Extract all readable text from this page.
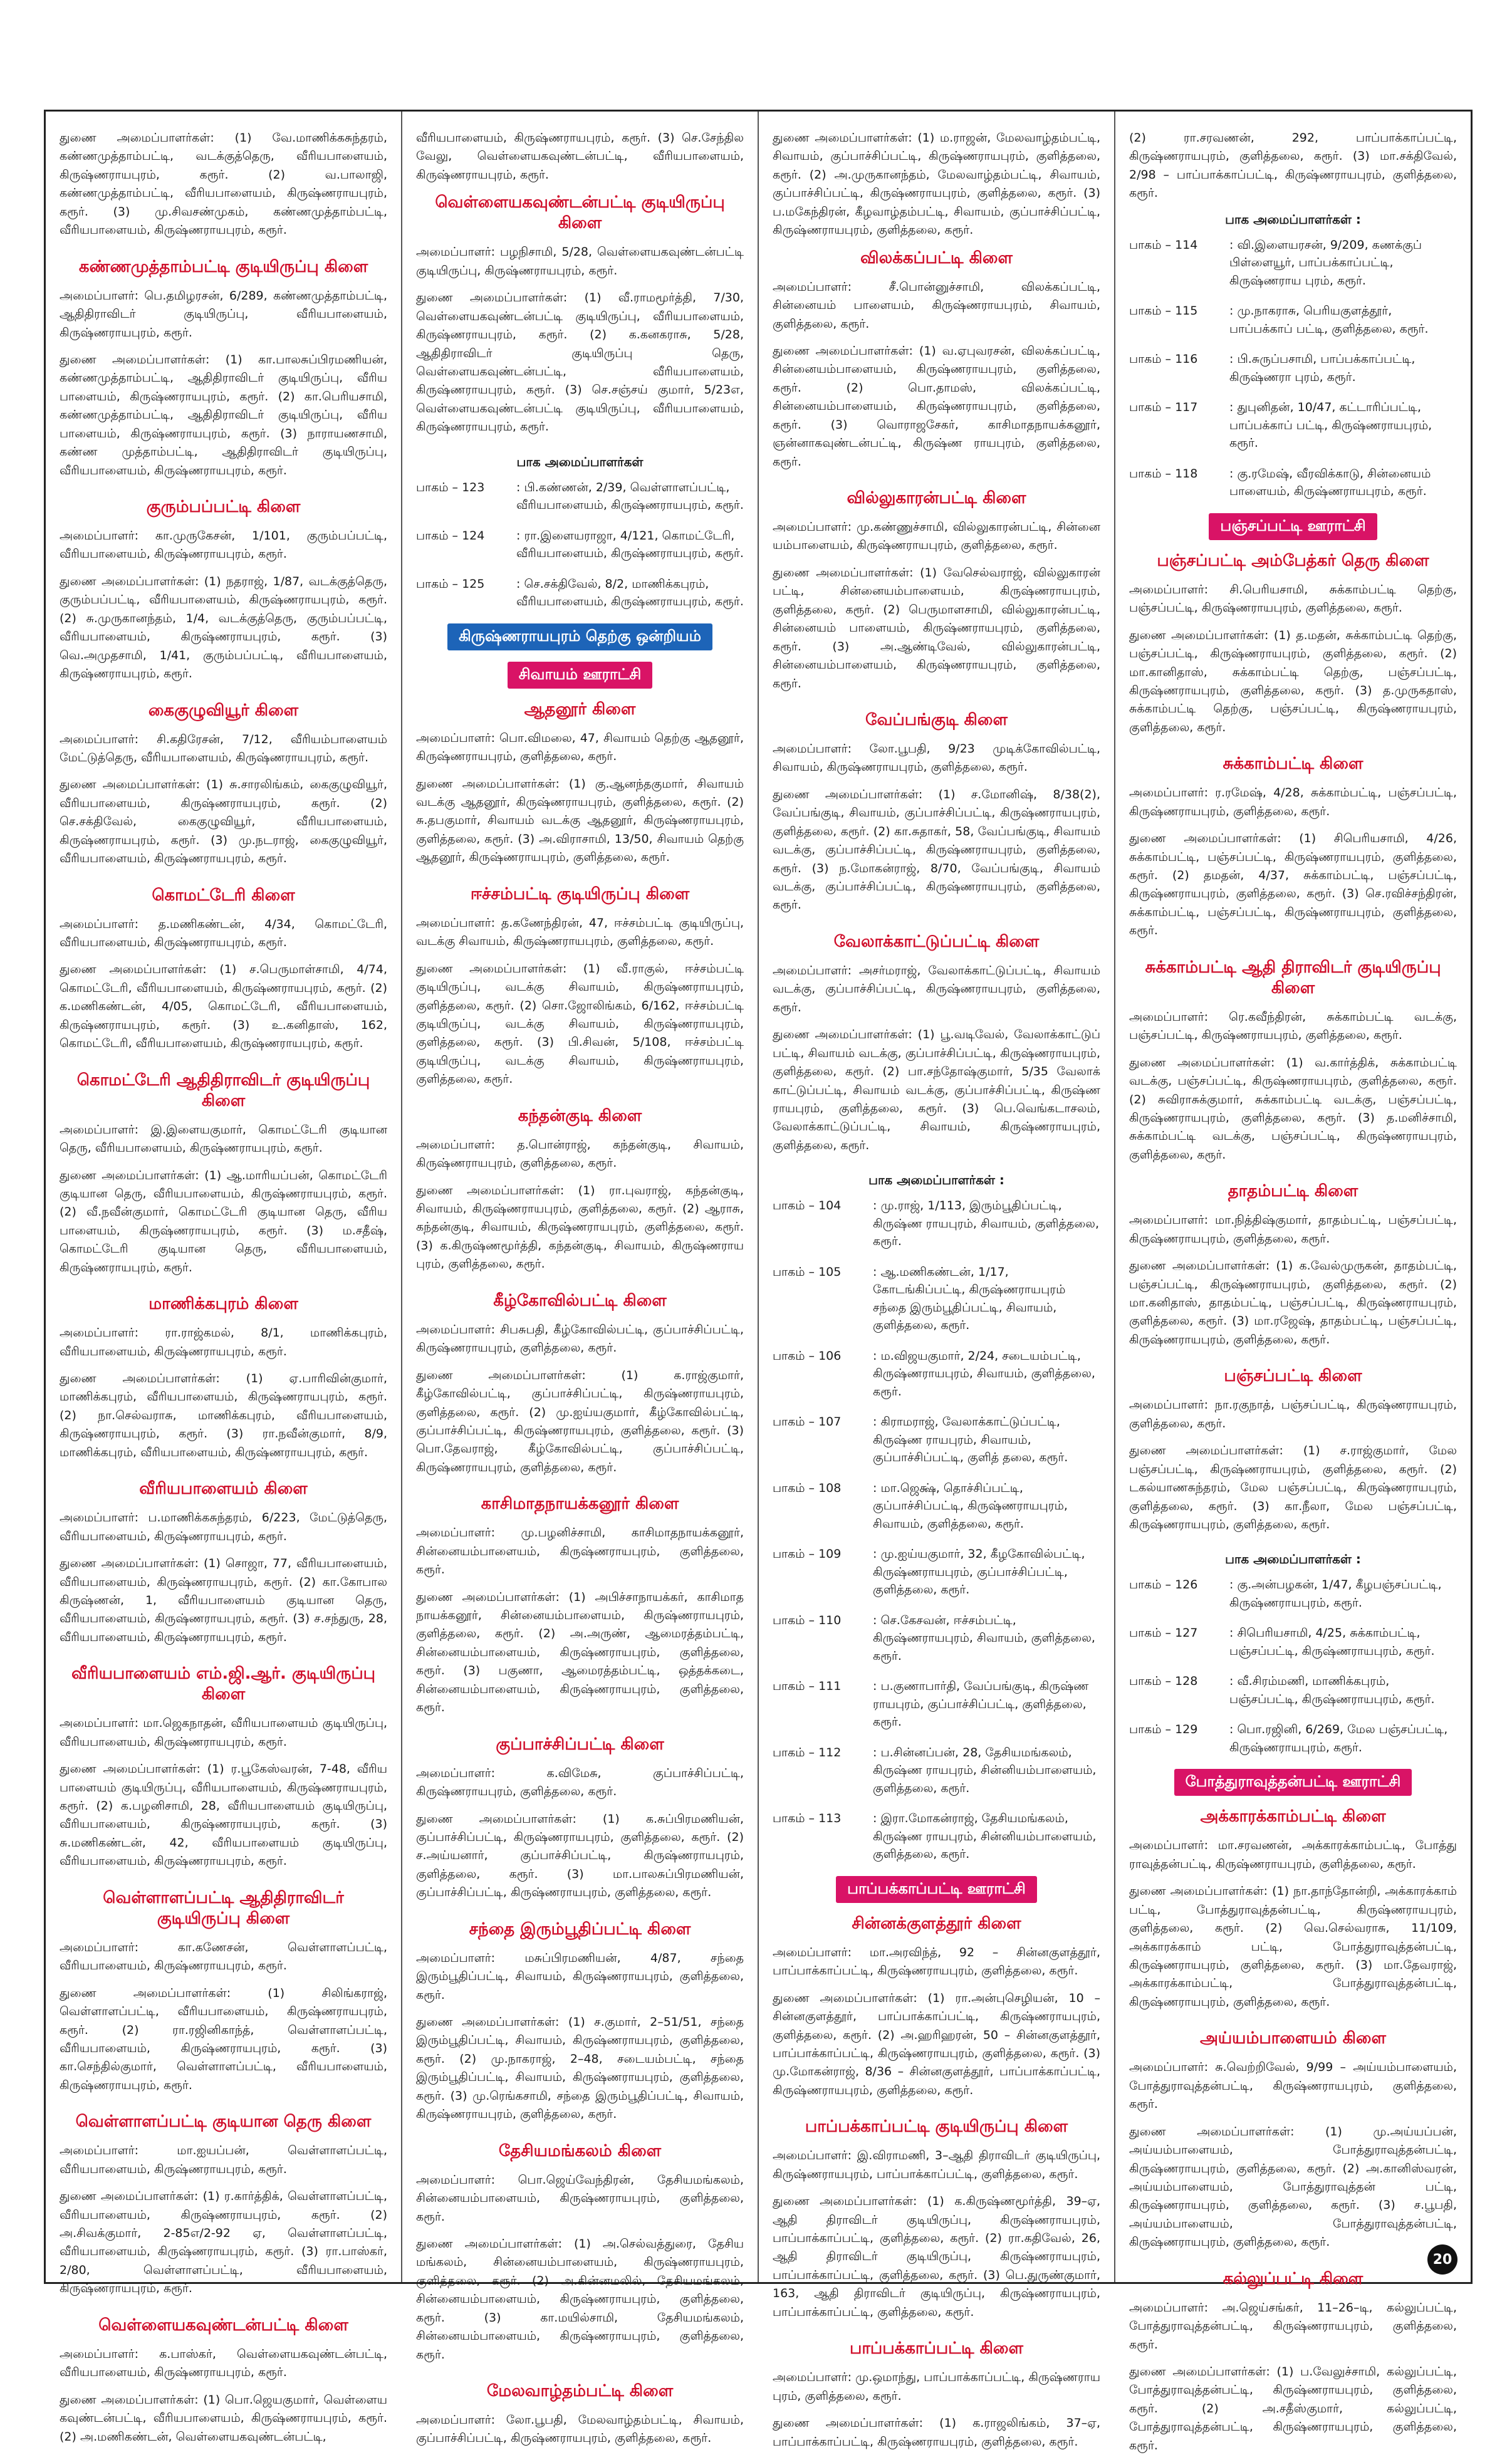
துணை அமைப்பாளர்கள்: (1) வே.மாணிக்கசுந்தரம், கண்ணமுத்தாம்பட்டி, வடக்குத்தெரு, வீரியபாளையம், கிருஷ்ணராயபுரம், கரூர். (2) வ.பாலாஜி, கண்ணமுத்தாம்பட்டி, வீரியபாளையம், கிருஷ்ணராயபுரம், கரூர். (3) மு.சிவசண்முகம், கண்ணமுத்தாம்பட்டி, வீரியபாளையம், கிருஷ்ணராயபுரம், கரூர்.

கண்ணமுத்தாம்பட்டி குடியிருப்பு கிளை

அமைப்பாளர்: பெ.தமிழரசன், 6/289, கண்ணமுத்தாம்பட்டி, ஆதிதிராவிடர் குடியிருப்பு, வீரியபாளையம், கிருஷ்ணராயபுரம், கரூர்.

துணை அமைப்பாளர்கள்: (1) கா.பாலசுப்பிரமணியன், கண்ணமுத்தாம்பட்டி, ஆதிதிராவிடர் குடியிருப்பு, வீரிய பாளையம், கிருஷ்ணராயபுரம், கரூர். (2) கா.பெரியசாமி, கண்ணமுத்தாம்பட்டி, ஆதிதிராவிடர் குடியிருப்பு, வீரிய பாளையம், கிருஷ்ணராயபுரம், கரூர். (3) நாராயணசாமி, கண்ண முத்தாம்பட்டி, ஆதிதிராவிடர் குடியிருப்பு, வீரியபாளையம், கிருஷ்ணராயபுரம், கரூர்.

குரும்பப்பட்டி கிளை

அமைப்பாளர்: கா.முருகேசன், 1/101, குரும்பப்பட்டி, வீரியபாளையம், கிருஷ்ணராயபுரம், கரூர்.

துணை அமைப்பாளர்கள்: (1) நதராஜ், 1/87, வடக்குத்தெரு, குரும்பப்பட்டி, வீரியபாளையம், கிருஷ்ணராயபுரம், கரூர். (2) சு.முருகானந்தம், 1/4, வடக்குத்தெரு, குரும்பப்பட்டி, வீரியபாளையம், கிருஷ்ணராயபுரம், கரூர். (3) வெ.அமுதசாமி, 1/41, குரும்பப்பட்டி, வீரியபாளையம், கிருஷ்ணராயபுரம், கரூர்.

கைகுழுவியூர் கிளை

அமைப்பாளர்: சி.கதிரேசன், 7/12, வீரியம்பாளையம் மேட்டுத்தெரு, வீரியபாளையம், கிருஷ்ணராயபுரம், கரூர்.

துணை அமைப்பாளர்கள்: (1) சு.சாரலிங்கம், கைகுழுவியூர், வீரியபாளையம், கிருஷ்ணராயபுரம், கரூர். (2) செ.சக்திவேல், கைகுழுவியூர், வீரியபாளையம், கிருஷ்ணராயபுரம், கரூர். (3) மு.நடராஜ், கைகுழுவியூர், வீரியபாளையம், கிருஷ்ணராயபுரம், கரூர்.

கொமட்டேரி கிளை

அமைப்பாளர்: த.மணிகண்டன், 4/34, கொமட்டேரி, வீரியபாளையம், கிருஷ்ணராயபுரம், கரூர்.

துணை அமைப்பாளர்கள்: (1) ச.பெருமாள்சாமி, 4/74, கொமட்டேரி, வீரியபாளையம், கிருஷ்ணராயபுரம், கரூர். (2) க.மணிகண்டன், 4/05, கொமட்டேரி, வீரியபாளையம், கிருஷ்ணராயபுரம், கரூர். (3) உ.கனிதாஸ், 162, கொமட்டேரி, வீரியபாளையம், கிருஷ்ணராயபுரம், கரூர்.

கொமட்டேரி ஆதிதிராவிடர் குடியிருப்பு கிளை

அமைப்பாளர்: இ.இளையகுமார், கொமட்டேரி குடியான தெரு, வீரியபாளையம், கிருஷ்ணராயபுரம், கரூர்.

துணை அமைப்பாளர்கள்: (1) ஆ.மாரியப்பன், கொமட்டேரி குடியான தெரு, வீரியபாளையம், கிருஷ்ணராயபுரம், கரூர். (2) வீ.நவீன்குமார், கொமட்டேரி குடியான தெரு, வீரிய பாளையம், கிருஷ்ணராயபுரம், கரூர். (3) ம.சதீஷ், கொமட்டேரி குடியான தெரு, வீரியபாளையம், கிருஷ்ணராயபுரம், கரூர்.

மாணிக்கபுரம் கிளை

அமைப்பாளர்: ரா.ராஜ்கமல், 8/1, மாணிக்கபுரம், வீரியபாளையம், கிருஷ்ணராயபுரம், கரூர்.

துணை அமைப்பாளர்கள்: (1) ஏ.பாரிவின்குமார், மாணிக்கபுரம், வீரியபாளையம், கிருஷ்ணராயபுரம், கரூர். (2) நா.செல்வராசு, மாணிக்கபுரம், வீரியபாளையம், கிருஷ்ணராயபுரம், கரூர். (3) ரா.நவீன்குமார், 8/9, மாணிக்கபுரம், வீரியபாளையம், கிருஷ்ணராயபுரம், கரூர்.

வீரியபாளையம் கிளை

அமைப்பாளர்: ப.மாணிக்கசுந்தரம், 6/223, மேட்டுத்தெரு, வீரியபாளையம், கிருஷ்ணராயபுரம், கரூர்.

துணை அமைப்பாளர்கள்: (1) சொஜா, 77, வீரியபாளையம், வீரியபாளையம், கிருஷ்ணராயபுரம், கரூர். (2) கா.கோபால கிருஷ்ணன், 1, வீரியபாளையம் குடியான தெரு, வீரியபாளையம், கிருஷ்ணராயபுரம், கரூர். (3) ச.சந்துரு, 28, வீரியபாளையம், கிருஷ்ணராயபுரம், கரூர்.

வீரியபாளையம் எம்.ஜி.ஆர். குடியிருப்பு கிளை

அமைப்பாளர்: மா.ஜெகநாதன், வீரியபாளையம் குடியிருப்பு, வீரியபாளையம், கிருஷ்ணராயபுரம், கரூர்.

துணை அமைப்பாளர்கள்: (1) ர.பூகேஸ்வரன், 7-48, வீரிய பாளையம் குடியிருப்பு, வீரியபாளையம், கிருஷ்ணராயபுரம், கரூர். (2) க.பழனிசாமி, 28, வீரியபாளையம் குடியிருப்பு, வீரியபாளையம், கிருஷ்ணராயபுரம், கரூர். (3) சு.மணிகண்டன், 42, வீரியபாளையம் குடியிருப்பு, வீரியபாளையம், கிருஷ்ணராயபுரம், கரூர்.

வெள்ளாளப்பட்டி ஆதிதிராவிடர் குடியிருப்பு கிளை

அமைப்பாளர்: கா.கணேசன், வெள்ளாளப்பட்டி, வீரியபாளையம், கிருஷ்ணராயபுரம், கரூர்.

துணை அமைப்பாளர்கள்: (1) சிலிங்கராஜ், வெள்ளாளப்பட்டி, வீரியபாளையம், கிருஷ்ணராயபுரம், கரூர். (2) ரா.ரஜினிகாந்த், வெள்ளாளப்பட்டி, வீரியபாளையம், கிருஷ்ணராயபுரம், கரூர். (3) கா.செந்தில்குமார், வெள்ளாளப்பட்டி, வீரியபாளையம், கிருஷ்ணராயபுரம், கரூர்.

வெள்ளாளப்பட்டி குடியான தெரு கிளை

அமைப்பாளர்: மா.ஐயப்பன், வெள்ளாளப்பட்டி, வீரியபாளையம், கிருஷ்ணராயபுரம், கரூர்.

துணை அமைப்பாளர்கள்: (1) ர.கார்த்திக், வெள்ளாளப்பட்டி, வீரியபாளையம், கிருஷ்ணராயபுரம், கரூர். (2) அ.சிவக்குமார், 2-85எ/2-92 ஏ, வெள்ளாளப்பட்டி, வீரியபாளையம், கிருஷ்ணராயபுரம், கரூர். (3) ரா.பாஸ்கர், 2/80, வெள்ளாளப்பட்டி, வீரியபாளையம், கிருஷ்ணராயபுரம், கரூர்.

வெள்ளையகவுண்டன்பட்டி கிளை

அமைப்பாளர்: க.பாஸ்கர், வெள்ளையகவுண்டன்பட்டி, வீரியபாளையம், கிருஷ்ணராயபுரம், கரூர்.

துணை அமைப்பாளர்கள்: (1) பொ.ஜெயகுமார், வெள்ளைய கவுண்டன்பட்டி, வீரியபாளையம், கிருஷ்ணராயபுரம், கரூர். (2) அ.மணிகண்டன், வெள்ளையகவுண்டன்பட்டி,

வீரியபாளையம், கிருஷ்ணராயபுரம், கரூர். (3) செ.சேந்தில வேலு, வெள்ளையகவுண்டன்பட்டி, வீரியபாளையம், கிருஷ்ணராயபுரம், கரூர்.

வெள்ளையகவுண்டன்பட்டி குடியிருப்பு கிளை

அமைப்பாளர்: பழநிசாமி, 5/28, வெள்ளையகவுண்டன்பட்டி குடியிருப்பு, கிருஷ்ணராயபுரம், கரூர்.

துணை அமைப்பாளர்கள்: (1) வீ.ராமமூர்த்தி, 7/30, வெள்ளையகவுண்டன்பட்டி குடியிருப்பு, வீரியபாளையம், கிருஷ்ணராயபுரம், கரூர். (2) க.கனகராசு, 5/28, ஆதிதிராவிடர் குடியிருப்பு தெரு, வெள்ளையகவுண்டன்பட்டி, வீரியபாளையம், கிருஷ்ணராயபுரம், கரூர். (3) செ.சஞ்சய் குமார், 5/23எ, வெள்ளையகவுண்டன்பட்டி குடியிருப்பு, வீரியபாளையம், கிருஷ்ணராயபுரம், கரூர்.

பாக அமைப்பாளர்கள்
பாகம் – 123	: பி.கண்ணன், 2/39, வெள்ளாளப்பட்டி, வீரியபாளையம், கிருஷ்ணராயபுரம், கரூர்.
பாகம் – 124	: ரா.இளையராஜா, 4/121, கொமட்டேரி, வீரியபாளையம், கிருஷ்ணராயபுரம், கரூர்.
பாகம் – 125	: செ.சக்திவேல், 8/2, மாணிக்கபுரம், வீரியபாளையம், கிருஷ்ணராயபுரம், கரூர்.
கிருஷ்ணராயபுரம் தெற்கு ஒன்றியம்
சிவாயம் ஊராட்சி
ஆதனூர் கிளை

அமைப்பாளர்: பொ.விமலை, 47, சிவாயம் தெற்கு ஆதனூர், கிருஷ்ணராயபுரம், குளித்தலை, கரூர்.

துணை அமைப்பாளர்கள்: (1) கு.ஆனந்தகுமார், சிவாயம் வடக்கு ஆதனூர், கிருஷ்ணராயபுரம், குளித்தலை, கரூர். (2) சு.தபகுமார், சிவாயம் வடக்கு ஆதனூர், கிருஷ்ணராயபுரம், குளித்தலை, கரூர். (3) அ.விராசாமி, 13/50, சிவாயம் தெற்கு ஆதனூர், கிருஷ்ணராயபுரம், குளித்தலை, கரூர்.

ஈச்சம்பட்டி குடியிருப்பு கிளை

அமைப்பாளர்: த.கணேந்திரன், 47, ஈச்சம்பட்டி குடியிருப்பு, வடக்கு சிவாயம், கிருஷ்ணராயபுரம், குளித்தலை, கரூர்.

துணை அமைப்பாளர்கள்: (1) வீ.ராகுல், ஈச்சம்பட்டி குடியிருப்பு, வடக்கு சிவாயம், கிருஷ்ணராயபுரம், குளித்தலை, கரூர். (2) சொ.ஜோலிங்கம், 6/162, ஈச்சம்பட்டி குடியிருப்பு, வடக்கு சிவாயம், கிருஷ்ணராயபுரம், குளித்தலை, கரூர். (3) பி.சிவன், 5/108, ஈச்சம்பட்டி குடியிருப்பு, வடக்கு சிவாயம், கிருஷ்ணராயபுரம், குளித்தலை, கரூர்.

கந்தன்குடி கிளை

அமைப்பாளர்: த.பொன்ராஜ், கந்தன்குடி, சிவாயம், கிருஷ்ணராயபுரம், குளித்தலை, கரூர்.

துணை அமைப்பாளர்கள்: (1) ரா.புவராஜ், கந்தன்குடி, சிவாயம், கிருஷ்ணராயபுரம், குளித்தலை, கரூர். (2) ஆராசு, கந்தன்குடி, சிவாயம், கிருஷ்ணராயபுரம், குளித்தலை, கரூர். (3) க.கிருஷ்ணமூர்த்தி, கந்தன்குடி, சிவாயம், கிருஷ்ணராய புரம், குளித்தலை, கரூர்.

கீழ்கோவில்பட்டி கிளை

அமைப்பாளர்: சிபசுபதி, கீழ்கோவில்பட்டி, குப்பாச்சிப்பட்டி, கிருஷ்ணராயபுரம், குளித்தலை, கரூர்.

துணை அமைப்பாளர்கள்: (1) க.ராஜ்குமார், கீழ்கோவில்பட்டி, குப்பாச்சிப்பட்டி, கிருஷ்ணராயபுரம், குளித்தலை, கரூர். (2) மு.ஐய்யகுமார், கீழ்கோவில்பட்டி, குப்பாச்சிப்பட்டி, கிருஷ்ணராயபுரம், குளித்தலை, கரூர். (3) பொ.தேவராஜ், கீழ்கோவில்பட்டி, குப்பாச்சிப்பட்டி, கிருஷ்ணராயபுரம், குளித்தலை, கரூர்.

காசிமாதநாயக்கனூர் கிளை

அமைப்பாளர்: மு.பழனிச்சாமி, காசிமாதநாயக்கனூர், சின்னையம்பாளையம், கிருஷ்ணராயபுரம், குளித்தலை, கரூர்.

துணை அமைப்பாளர்கள்: (1) அபிச்சாநாயக்கர், காசிமாத நாயக்கனூர், சின்னையம்பாளையம், கிருஷ்ணராயபுரம், குளித்தலை, கரூர். (2) அ.அருண், ஆமைரத்தம்பட்டி, சின்னையம்பாளையம், கிருஷ்ணராயபுரம், குளித்தலை, கரூர். (3) பகுணா, ஆமைரத்தம்பட்டி, ஒத்தக்கடை, சின்னையம்பாளையம், கிருஷ்ணராயபுரம், குளித்தலை, கரூர்.

குப்பாச்சிப்பட்டி கிளை

அமைப்பாளர்: க.விமேசு, குப்பாச்சிப்பட்டி, கிருஷ்ணராயபுரம், குளித்தலை, கரூர்.

துணை அமைப்பாளர்கள்: (1) க.சுப்பிரமணியன், குப்பாச்சிப்பட்டி, கிருஷ்ணராயபுரம், குளித்தலை, கரூர். (2) ச.அய்யனார், குப்பாச்சிப்பட்டி, கிருஷ்ணராயபுரம், குளித்தலை, கரூர். (3) மா.பாலசுப்பிரமணியன், குப்பாச்சிப்பட்டி, கிருஷ்ணராயபுரம், குளித்தலை, கரூர்.

சந்தை இரும்பூதிப்பட்டி கிளை

அமைப்பாளர்: மசுப்பிரமணியன், 4/87, சந்தை இரும்பூதிப்பட்டி, சிவாயம், கிருஷ்ணராயபுரம், குளித்தலை, கரூர்.

துணை அமைப்பாளர்கள்: (1) ச.குமார், 2–51/51, சந்தை இரும்பூதிப்பட்டி, சிவாயம், கிருஷ்ணராயபுரம், குளித்தலை, கரூர். (2) மு.நாகராஜ், 2–48, சடையம்பட்டி, சந்தை இரும்பூதிப்பட்டி, சிவாயம், கிருஷ்ணராயபுரம், குளித்தலை, கரூர். (3) மு.ரெங்கசாமி, சந்தை இரும்பூதிப்பட்டி, சிவாயம், கிருஷ்ணராயபுரம், குளித்தலை, கரூர்.

தேசியமங்கலம் கிளை

அமைப்பாளர்: பொ.ஜெய்வேந்திரன், தேசியமங்கலம், சின்னையம்பாளையம், கிருஷ்ணராயபுரம், குளித்தலை, கரூர்.

துணை அமைப்பாளர்கள்: (1) அ.செல்வத்துரை, தேசிய மங்கலம், சின்னையம்பாளையம், கிருஷ்ணராயபுரம், குளித்தலை, கரூர். (2) அ.கின்னமலில், தேசியமங்கலம், சின்னையம்பாளையம், கிருஷ்ணராயபுரம், குளித்தலை, கரூர். (3) கா.மயில்சாமி, தேசியமங்கலம், சின்னையம்பாளையம், கிருஷ்ணராயபுரம், குளித்தலை, கரூர்.

மேலவாழ்தம்பட்டி கிளை

அமைப்பாளர்: லோ.பூபதி, மேலவாழ்தம்பட்டி, சிவாயம், குப்பாச்சிப்பட்டி, கிருஷ்ணராயபுரம், குளித்தலை, கரூர்.

துணை அமைப்பாளர்கள்: (1) ம.ராஜன், மேலவாழ்தம்பட்டி, சிவாயம், குப்பாச்சிப்பட்டி, கிருஷ்ணராயபுரம், குளித்தலை, கரூர். (2) அ.முருகானந்தம், மேலவாழ்தம்பட்டி, சிவாயம், குப்பாச்சிப்பட்டி, கிருஷ்ணராயபுரம், குளித்தலை, கரூர். (3) ப.மகேந்திரன், கீழவாழ்தம்பட்டி, சிவாயம், குப்பாச்சிப்பட்டி, கிருஷ்ணராயபுரம், குளித்தலை, கரூர்.

விலக்கப்பட்டி கிளை

அமைப்பாளர்: சீ.பொன்னுச்சாமி, விலக்கப்பட்டி, சின்னையம் பாளையம், கிருஷ்ணராயபுரம், சிவாயம், குளித்தலை, கரூர்.

துணை அமைப்பாளர்கள்: (1) வ.ஏபுவரசன், விலக்கப்பட்டி, சின்னையம்பாளையம், கிருஷ்ணராயபுரம், குளித்தலை, கரூர். (2) பொ.தாமஸ், விலக்கப்பட்டி, சின்னையம்பாளையம், கிருஷ்ணராயபுரம், குளித்தலை, கரூர். (3) வொராஜசேகர், காசிமாதநாயக்கனூர், ஞன்னாகவுண்டன்பட்டி, கிருஷ்ண ராயபுரம், குளித்தலை, கரூர்.

வில்லுகாரன்பட்டி கிளை

அமைப்பாளர்: மு.கண்ணுச்சாமி, வில்லுகாரன்பட்டி, சின்னை யம்பாளையம், கிருஷ்ணராயபுரம், குளித்தலை, கரூர்.

துணை அமைப்பாளர்கள்: (1) வேசெல்வராஜ், வில்லுகாரன் பட்டி, சின்னையம்பாளையம், கிருஷ்ணராயபுரம், குளித்தலை, கரூர். (2) பெருமாளசாமி, வில்லுகாரன்பட்டி, சின்னையம் பாளையம், கிருஷ்ணராயபுரம், குளித்தலை, கரூர். (3) அ.ஆண்டிவேல், வில்லுகாரன்பட்டி, சின்னையம்பாளையம், கிருஷ்ணராயபுரம், குளித்தலை, கரூர்.

வேப்பங்குடி கிளை

அமைப்பாளர்: லோ.பூபதி, 9/23 முடிக்கோவில்பட்டி, சிவாயம், கிருஷ்ணராயபுரம், குளித்தலை, கரூர்.

துணை அமைப்பாளர்கள்: (1) ச.மோனிஷ், 8/38(2), வேப்பங்குடி, சிவாயம், குப்பாச்சிப்பட்டி, கிருஷ்ணராயபுரம், குளித்தலை, கரூர். (2) கா.சுதாகர், 58, வேப்பங்குடி, சிவாயம் வடக்கு, குப்பாச்சிப்பட்டி, கிருஷ்ணராயபுரம், குளித்தலை, கரூர். (3) ந.மோகன்ராஜ், 8/70, வேப்பங்குடி, சிவாயம் வடக்கு, குப்பாச்சிப்பட்டி, கிருஷ்ணராயபுரம், குளித்தலை, கரூர்.

வேலாக்காட்டுப்பட்டி கிளை

அமைப்பாளர்: அசர்மராஜ், வேலாக்காட்டுப்பட்டி, சிவாயம் வடக்கு, குப்பாச்சிப்பட்டி, கிருஷ்ணராயபுரம், குளித்தலை, கரூர்.

துணை அமைப்பாளர்கள்: (1) பூ.வடிவேல், வேலாக்காட்டுப் பட்டி, சிவாயம் வடக்கு, குப்பாச்சிப்பட்டி, கிருஷ்ணராயபுரம், குளித்தலை, கரூர். (2) பா.சந்தோஷ்குமார், 5/35 வேலாக் காட்டுப்பட்டி, சிவாயம் வடக்கு, குப்பாச்சிப்பட்டி, கிருஷ்ண ராயபுரம், குளித்தலை, கரூர். (3) பெ.வெங்கடாசலம், வேலாக்காட்டுப்பட்டி, சிவாயம், கிருஷ்ணராயபுரம், குளித்தலை, கரூர்.

பாக அமைப்பாளர்கள் :
பாகம் – 104	: மு.ராஜ், 1/113, இரும்பூதிப்பட்டி, கிருஷ்ண ராயபுரம், சிவாயம், குளித்தலை, கரூர்.
பாகம் – 105	: ஆ.மணிகண்டன், 1/17, கோடங்கிப்பட்டி, கிருஷ்ணராயபுரம் சந்தை இரும்பூதிப்பட்டி, சிவாயம், குளித்தலை, கரூர்.
பாகம் – 106	: ம.விஜயகுமார், 2/24, சடையம்பட்டி, கிருஷ்ணராயபுரம், சிவாயம், குளித்தலை, கரூர்.
பாகம் – 107	: கிராமராஜ், வேலாக்காட்டுப்பட்டி, கிருஷ்ண ராயபுரம், சிவாயம், குப்பாச்சிப்பட்டி, குளித் தலை, கரூர்.
பாகம் – 108	: மா.ஜெக்ஷ், தொச்சிப்பட்டி, குப்பாச்சிப்பட்டி, கிருஷ்ணராயபுரம், சிவாயம், குளித்தலை, கரூர்.
பாகம் – 109	: மு.ஐய்யகுமார், 32, கீழகோவில்பட்டி, கிருஷ்ணராயபுரம், குப்பாச்சிப்பட்டி, குளித்தலை, கரூர்.
பாகம் – 110	: செ.கேசவன், ஈச்சம்பட்டி, கிருஷ்ணராயபுரம், சிவாயம், குளித்தலை, கரூர்.
பாகம் – 111	: ப.குணாபார்தி, வேப்பங்குடி, கிருஷ்ண ராயபுரம், குப்பாச்சிப்பட்டி, குளித்தலை, கரூர்.
பாகம் – 112	: ப.சின்னப்பன், 28, தேசியமங்கலம், கிருஷ்ண ராயபுரம், சின்னியம்பாளையம், குளித்தலை, கரூர்.
பாகம் – 113	: இரா.மோகன்ராஜ், தேசியமங்கலம், கிருஷ்ண ராயபுரம், சின்னியம்பாளையம், குளித்தலை, கரூர்.
பாப்பக்காப்பட்டி ஊராட்சி
சின்னக்குளத்தூர் கிளை

அமைப்பாளர்: மா.அரவிந்த், 92 – சின்னகுளத்தூர், பாப்பாக்காப்பட்டி, கிருஷ்ணராயபுரம், குளித்தலை, கரூர்.

துணை அமைப்பாளர்கள்: (1) ரா.அன்புசெழியன், 10 – சின்னகுளத்தூர், பாப்பாக்காப்பட்டி, கிருஷ்ணராயபுரம், குளித்தலை, கரூர். (2) அ.ஹரிஹரன், 50 – சின்னகுளத்தூர், பாப்பாக்காப்பட்டி, கிருஷ்ணராயபுரம், குளித்தலை, கரூர். (3) மு.மோகன்ராஜ், 8/36 – சின்னகுளத்தூர், பாப்பாக்காப்பட்டி, கிருஷ்ணராயபுரம், குளித்தலை, கரூர்.

பாப்பக்காப்பட்டி குடியிருப்பு கிளை

அமைப்பாளர்: இ.விராமணி, 3–ஆதி திராவிடர் குடியிருப்பு, கிருஷ்ணராயபுரம், பாப்பாக்காப்பட்டி, குளித்தலை, கரூர்.

துணை அமைப்பாளர்கள்: (1) க.கிருஷ்ணமூர்த்தி, 39–ஏ, ஆதி திராவிடர் குடியிருப்பு, கிருஷ்ணராயபுரம், பாப்பாக்காப்பட்டி, குளித்தலை, கரூர். (2) ரா.கதிவேல், 26, ஆதி திராவிடர் குடியிருப்பு, கிருஷ்ணராயபுரம், பாப்பாக்காப்பட்டி, குளித்தலை, கரூர். (3) பெ.துருண்குமார், 163, ஆதி திராவிடர் குடியிருப்பு, கிருஷ்ணராயபுரம், பாப்பாக்காப்பட்டி, குளித்தலை, கரூர்.

பாப்பக்காப்பட்டி கிளை

அமைப்பாளர்: மு.ஒமாந்து, பாப்பாக்காப்பட்டி, கிருஷ்ணராய புரம், குளித்தலை, கரூர்.

துணை அமைப்பாளர்கள்: (1) க.ராஜலிங்கம், 37–ஏ, பாப்பாக்காப்பட்டி, கிருஷ்ணராயபுரம், குளித்தலை, கரூர்.

(2) ரா.சரவணன், 292, பாப்பாக்காப்பட்டி, கிருஷ்ணராயபுரம், குளித்தலை, கரூர். (3) மா.சக்திவேல், 2/98 – பாப்பாக்காப்பட்டி, கிருஷ்ணராயபுரம், குளித்தலை, கரூர்.

பாக அமைப்பாளர்கள் :
பாகம் – 114	: வி.இளையரசன், 9/209, கணக்குப் பிள்ளையூர், பாப்பக்காப்பட்டி, கிருஷ்ணராய புரம், கரூர்.
பாகம் – 115	: மு.நாகராசு, பெரியகுளத்தூர், பாப்பக்காப் பட்டி, குளித்தலை, கரூர்.
பாகம் – 116	: பி.சுருப்பசாமி, பாப்பக்காப்பட்டி, கிருஷ்ணரா புரம், கரூர்.
பாகம் – 117	: துபுனிதன், 10/47, கட்டாரிப்பட்டி, பாப்பக்காப் பட்டி, கிருஷ்ணராயபுரம், கரூர்.
பாகம் – 118	: கு.ரமேஷ், வீரவிக்காடு, சின்னையம் பாளையம், கிருஷ்ணராயபுரம், கரூர்.
பஞ்சப்பட்டி ஊராட்சி
பஞ்சப்பட்டி அம்பேத்கர் தெரு கிளை

அமைப்பாளர்: சி.பெரியசாமி, சுக்காம்பட்டி தெற்கு, பஞ்சப்பட்டி, கிருஷ்ணராயபுரம், குளித்தலை, கரூர்.

துணை அமைப்பாளர்கள்: (1) த.மதன், சுக்காம்பட்டி தெற்கு, பஞ்சப்பட்டி, கிருஷ்ணராயபுரம், குளித்தலை, கரூர். (2) மா.கானிதாஸ், சுக்காம்பட்டி தெற்கு, பஞ்சப்பட்டி, கிருஷ்ணராயபுரம், குளித்தலை, கரூர். (3) த.முருகதாஸ், சுக்காம்பட்டி தெற்கு, பஞ்சப்பட்டி, கிருஷ்ணராயபுரம், குளித்தலை, கரூர்.

சுக்காம்பட்டி கிளை

அமைப்பாளர்: ர.ரமேஷ், 4/28, சுக்காம்பட்டி, பஞ்சப்பட்டி, கிருஷ்ணராயபுரம், குளித்தலை, கரூர்.

துணை அமைப்பாளர்கள்: (1) சிபெரியசாமி, 4/26, சுக்காம்பட்டி, பஞ்சப்பட்டி, கிருஷ்ணராயபுரம், குளித்தலை, கரூர். (2) தமதன், 4/37, சுக்காம்பட்டி, பஞ்சப்பட்டி, கிருஷ்ணராயபுரம், குளித்தலை, கரூர். (3) செ.ரவிச்சந்திரன், சுக்காம்பட்டி, பஞ்சப்பட்டி, கிருஷ்ணராயபுரம், குளித்தலை, கரூர்.

சுக்காம்பட்டி ஆதி திராவிடர் குடியிருப்பு கிளை

அமைப்பாளர்: ரெ.கவீந்திரன், சுக்காம்பட்டி வடக்கு, பஞ்சப்பட்டி, கிருஷ்ணராயபுரம், குளித்தலை, கரூர்.

துணை அமைப்பாளர்கள்: (1) வ.கார்த்திக், சுக்காம்பட்டி வடக்கு, பஞ்சப்பட்டி, கிருஷ்ணராயபுரம், குளித்தலை, கரூர். (2) சுவிராசுக்குமார், சுக்காம்பட்டி வடக்கு, பஞ்சப்பட்டி, கிருஷ்ணராயபுரம், குளித்தலை, கரூர். (3) த.மனிச்சாமி, சுக்காம்பட்டி வடக்கு, பஞ்சப்பட்டி, கிருஷ்ணராயபுரம், குளித்தலை, கரூர்.

தாதம்பட்டி கிளை

அமைப்பாளர்: மா.நித்திஷ்குமார், தாதம்பட்டி, பஞ்சப்பட்டி, கிருஷ்ணராயபுரம், குளித்தலை, கரூர்.

துணை அமைப்பாளர்கள்: (1) க.வேல்முருகன், தாதம்பட்டி, பஞ்சப்பட்டி, கிருஷ்ணராயபுரம், குளித்தலை, கரூர். (2) மா.கனிதாஸ், தாதம்பட்டி, பஞ்சப்பட்டி, கிருஷ்ணராயபுரம், குளித்தலை, கரூர். (3) மா.ரஜேஷ், தாதம்பட்டி, பஞ்சப்பட்டி, கிருஷ்ணராயபுரம், குளித்தலை, கரூர்.

பஞ்சப்பட்டி கிளை

அமைப்பாளர்: நா.ரகுநாத், பஞ்சப்பட்டி, கிருஷ்ணராயபுரம், குளித்தலை, கரூர்.

துணை அமைப்பாளர்கள்: (1) ச.ராஜ்குமார், மேல பஞ்சப்பட்டி, கிருஷ்ணராயபுரம், குளித்தலை, கரூர். (2) டகல்யாணசுந்தரம், மேல பஞ்சப்பட்டி, கிருஷ்ணராயபுரம், குளித்தலை, கரூர். (3) கா.நீலா, மேல பஞ்சப்பட்டி, கிருஷ்ணராயபுரம், குளித்தலை, கரூர்.

பாக அமைப்பாளர்கள் :
பாகம் – 126	: கு.அன்பழகன், 1/47, கீழபஞ்சப்பட்டி, கிருஷ்ணராயபுரம், கரூர்.
பாகம் – 127	: சிபெரியசாமி, 4/25, சுக்காம்பட்டி, பஞ்சப்பட்டி, கிருஷ்ணராயபுரம், கரூர்.
பாகம் – 128	: வீ.சிரம்மணி, மாணிக்கபுரம், பஞ்சப்பட்டி, கிருஷ்ணராயபுரம், கரூர்.
பாகம் – 129	: பொ.ரஜினி, 6/269, மேல பஞ்சப்பட்டி, கிருஷ்ணராயபுரம், கரூர்.
போத்துராவுத்தன்பட்டி ஊராட்சி
அக்காரக்காம்பட்டி கிளை

அமைப்பாளர்: மா.சரவணன், அக்காரக்காம்பட்டி, போத்து ராவுத்தன்பட்டி, கிருஷ்ணராயபுரம், குளித்தலை, கரூர்.

துணை அமைப்பாளர்கள்: (1) நா.தாந்தோன்றி, அக்காரக்காம் பட்டி, போத்துராவுத்தன்பட்டி, கிருஷ்ணராயபுரம், குளித்தலை, கரூர். (2) வெ.செல்வராசு, 11/109, அக்காரக்காம் பட்டி, போத்துராவுத்தன்பட்டி, கிருஷ்ணராயபுரம், குளித்தலை, கரூர். (3) மா.தேவராஜ், அக்காரக்காம்பட்டி, போத்துராவுத்தன்பட்டி, கிருஷ்ணராயபுரம், குளித்தலை, கரூர்.

அய்யம்பாளையம் கிளை

அமைப்பாளர்: சு.வெற்றிவேல், 9/99 – அய்யம்பாளையம், போத்துராவுத்தன்பட்டி, கிருஷ்ணராயபுரம், குளித்தலை, கரூர்.

துணை அமைப்பாளர்கள்: (1) மு.அய்யப்பன், அய்யம்பாளையம், போத்துராவுத்தன்பட்டி, கிருஷ்ணராயபுரம், குளித்தலை, கரூர். (2) அ.கானிஸ்வரன், அய்யம்பாளையம், போத்துராவுத்தன் பட்டி, கிருஷ்ணராயபுரம், குளித்தலை, கரூர். (3) ச.பூபதி, அய்யம்பாளையம், போத்துராவுத்தன்பட்டி, கிருஷ்ணராயபுரம், குளித்தலை, கரூர்.

கல்லுப்பட்டி கிளை

அமைப்பாளர்: அ.ஜெய்சங்கர், 11–26–டி, கல்லுப்பட்டி, போத்துராவுத்தன்பட்டி, கிருஷ்ணராயபுரம், குளித்தலை, கரூர்.

துணை அமைப்பாளர்கள்: (1) ப.வேலுச்சாமி, கல்லுப்பட்டி, போத்துராவுத்தன்பட்டி, கிருஷ்ணராயபுரம், குளித்தலை, கரூர். (2) அ.சதீஸ்குமார், கல்லுப்பட்டி, போத்துராவுத்தன்பட்டி, கிருஷ்ணராயபுரம், குளித்தலை, கரூர்.

20
